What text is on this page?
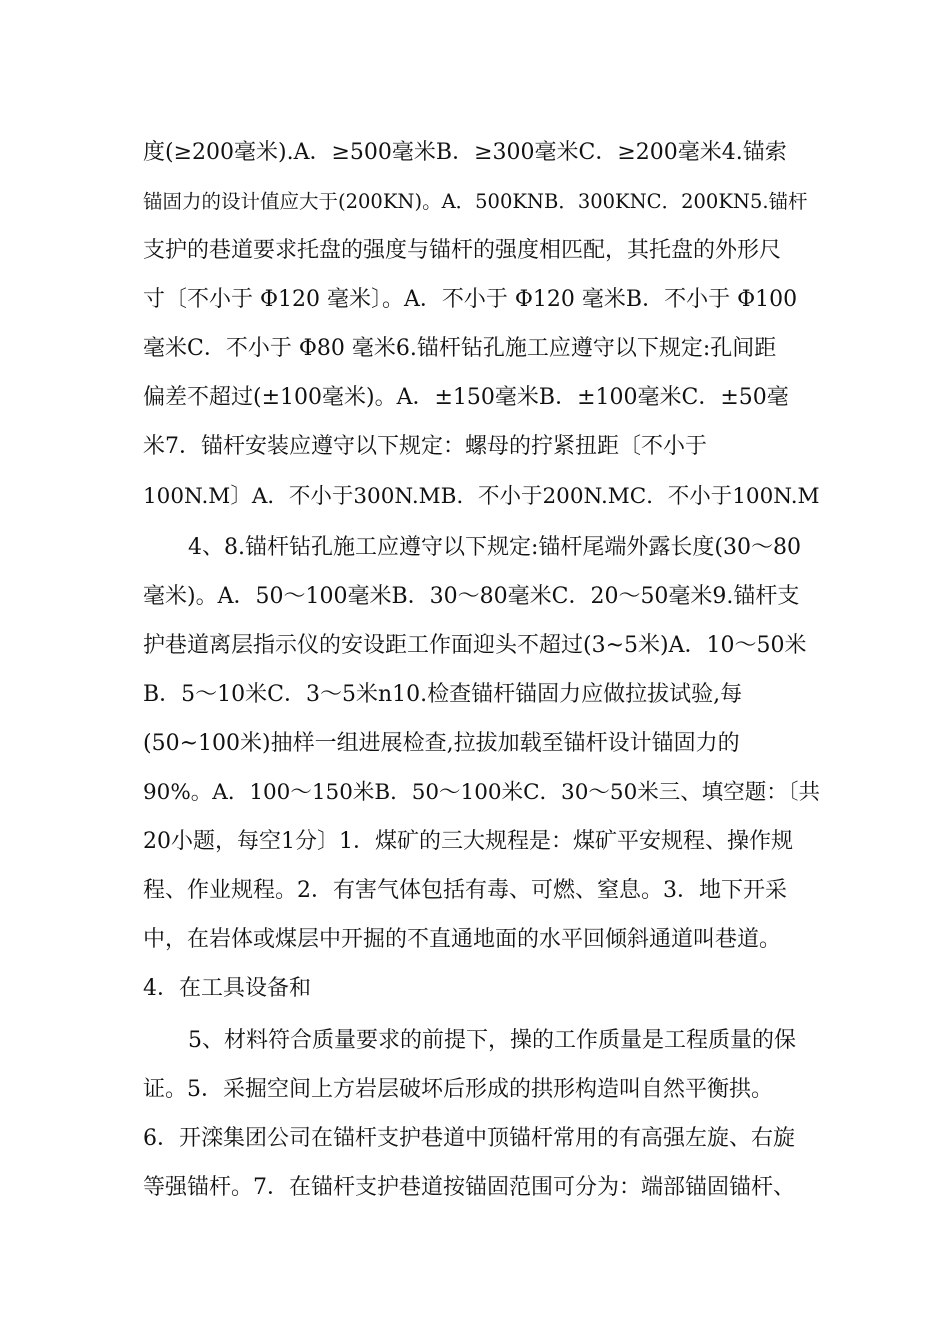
度(≥200毫米).A．≥500毫米B．≥300毫米C．≥200毫米4.锚索
锚固力的设计值应大于(200KN)。A．500KNB．300KNC．200KN5.锚杆
支护的巷道要求托盘的强度与锚杆的强度相匹配，其托盘的外形尺
寸〔不小于 Φ120 毫米〕。A．不小于 Φ120 毫米B．不小于 Φ100
毫米C．不小于 Φ80 毫米6.锚杆钻孔施工应遵守以下规定:孔间距
偏差不超过(±100毫米)。A．±150毫米B．±100毫米C．±50毫
米7．锚杆安装应遵守以下规定：螺母的拧紧扭距〔不小于
100N.M〕A．不小于300N.MB．不小于200N.MC．不小于100N.M
4、8.锚杆钻孔施工应遵守以下规定:锚杆尾端外露长度(30～80
毫米)。A．50～100毫米B．30～80毫米C．20～50毫米9.锚杆支
护巷道离层指示仪的安设距工作面迎头不超过(3~5米)A．10～50米
B．5～10米C．3～5米n10.检查锚杆锚固力应做拉拔试验,每
(50~100米)抽样一组进展检查,拉拔加载至锚杆设计锚固力的
90%。A．100～150米B．50～100米C．30～50米三、填空题：〔共
20小题，每空1分〕1．煤矿的三大规程是：煤矿平安规程、操作规
程、作业规程。2．有害气体包括有毒、可燃、窒息。3．地下开采
中，在岩体或煤层中开掘的不直通地面的水平回倾斜通道叫巷道。
4．在工具设备和
5、材料符合质量要求的前提下，操的工作质量是工程质量的保
证。5．采掘空间上方岩层破坏后形成的拱形构造叫自然平衡拱。
6．开滦集团公司在锚杆支护巷道中顶锚杆常用的有高强左旋、右旋
等强锚杆。7．在锚杆支护巷道按锚固范围可分为：端部锚固锚杆、
